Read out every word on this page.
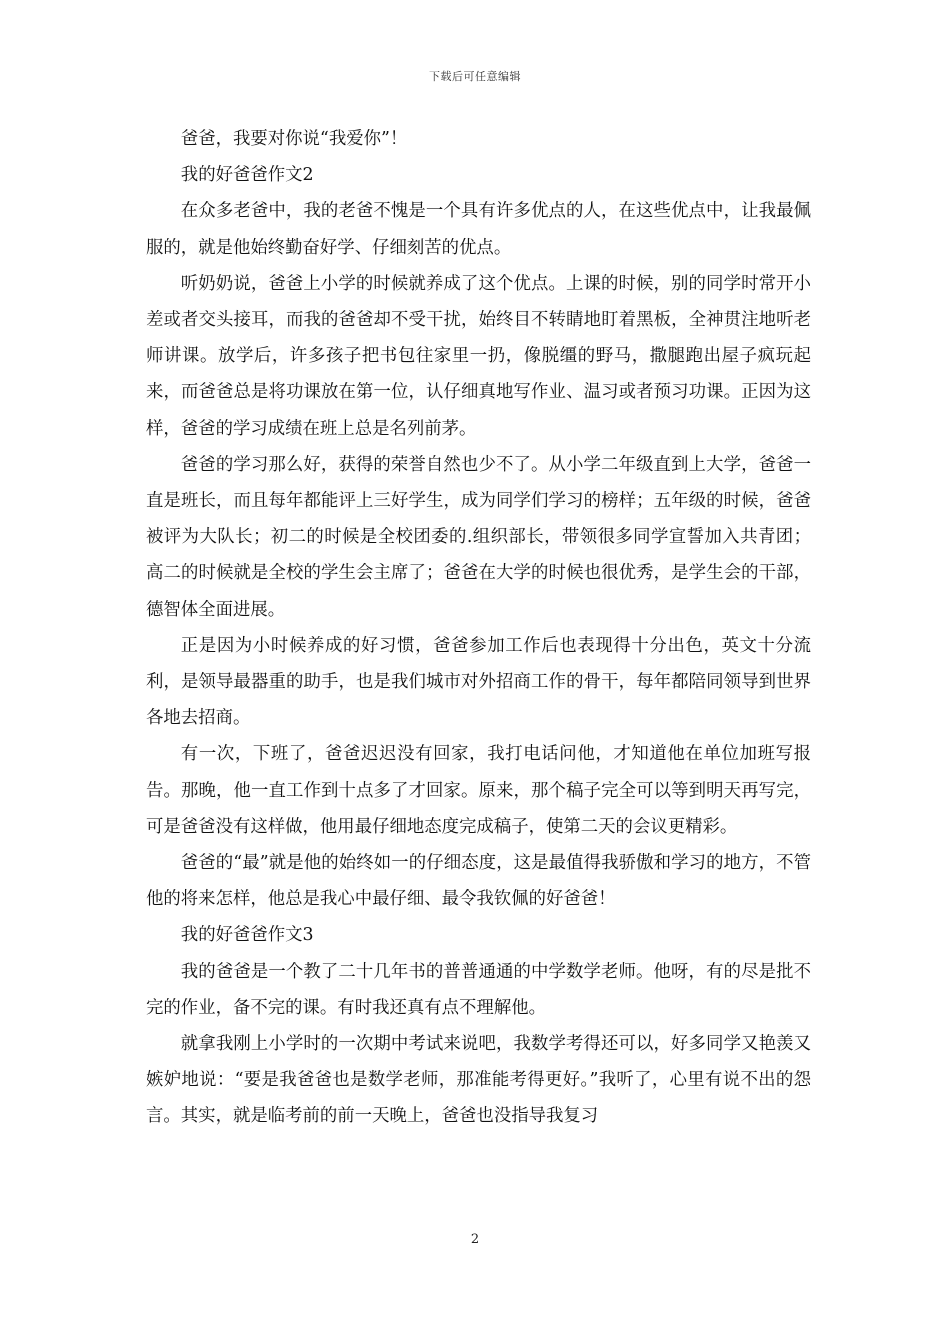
下载后可任意编辑

爸爸，我要对你说“我爱你”！

我的好爸爸作文2

在众多老爸中，我的老爸不愧是一个具有许多优点的人，在这些优点中，让我最佩服的，就是他始终勤奋好学、仔细刻苦的优点。

听奶奶说，爸爸上小学的时候就养成了这个优点。上课的时候，别的同学时常开小差或者交头接耳，而我的爸爸却不受干扰，始终目不转睛地盯着黑板，全神贯注地听老师讲课。放学后，许多孩子把书包往家里一扔，像脱缰的野马，撒腿跑出屋子疯玩起来，而爸爸总是将功课放在第一位，认仔细真地写作业、温习或者预习功课。正因为这样，爸爸的学习成绩在班上总是名列前茅。

爸爸的学习那么好，获得的荣誉自然也少不了。从小学二年级直到上大学，爸爸一直是班长，而且每年都能评上三好学生，成为同学们学习的榜样；五年级的时候，爸爸被评为大队长；初二的时候是全校团委的.组织部长，带领很多同学宣誓加入共青团；高二的时候就是全校的学生会主席了；爸爸在大学的时候也很优秀，是学生会的干部，德智体全面进展。

正是因为小时候养成的好习惯，爸爸参加工作后也表现得十分出色，英文十分流利，是领导最器重的助手，也是我们城市对外招商工作的骨干，每年都陪同领导到世界各地去招商。

有一次，下班了，爸爸迟迟没有回家，我打电话问他，才知道他在单位加班写报告。那晚，他一直工作到十点多了才回家。原来，那个稿子完全可以等到明天再写完，可是爸爸没有这样做，他用最仔细地态度完成稿子，使第二天的会议更精彩。

爸爸的“最”就是他的始终如一的仔细态度，这是最值得我骄傲和学习的地方，不管他的将来怎样，他总是我心中最仔细、最令我钦佩的好爸爸！

我的好爸爸作文3

我的爸爸是一个教了二十几年书的普普通通的中学数学老师。他呀，有的尽是批不完的作业，备不完的课。有时我还真有点不理解他。

就拿我刚上小学时的一次期中考试来说吧，我数学考得还可以，好多同学又艳羡又嫉妒地说：“要是我爸爸也是数学老师，那准能考得更好。”我听了，心里有说不出的怨言。其实，就是临考前的前一天晚上，爸爸也没指导我复习

2
